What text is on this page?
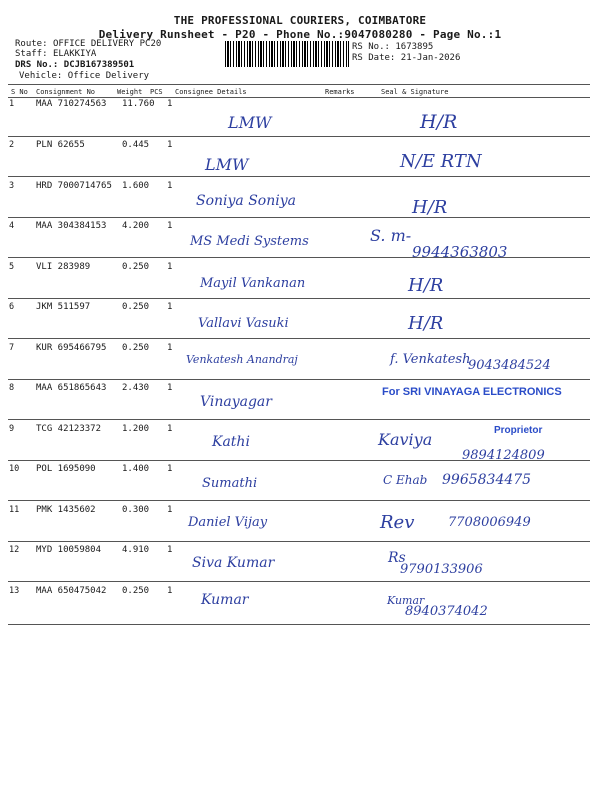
THE PROFESSIONAL COURIERS, COIMBATORE
Delivery Runsheet - P20 - Phone No.:9047080280 - Page No.:1
Route: OFFICE DELIVERY PC20
Staff: ELAKKIYA
DRS No.: DCJB167389501
Vehicle: Office Delivery
RS No.: 1673895
RS Date: 21-Jan-2026
S No Consignment No	Weight PCS Consignee Details	Remarks	Seal & Signature
1 MAA 710274563 11.760 1
LMW	H/R
2 PLN 62655	0.445 1
LMW	N/E RTN
3 HRD 7000714765 1.600 1
Soniya Soniya	H/R
4 MAA 304384153 4.200 1
MS Medi Systems	S. m-
9944363803
5 VLI 283989	0.250 1
Mayil Vankanan	H/R
6 JKM 511597	0.250 1
Vallavi Vasuki	H/R
7 KUR 695466795 0.250 1
Venkatesh Anandraj	f. Venkatesh
9043484524
8 MAA 651865643 2.430 1
Vinayagar
For SRI VINAYAGA ELECTRONICS
9 TCG 42123372 1.200 1
Kathi	Kaviya
9894124809
Proprietor
10 POL 1695090	1.400 1
Sumathi	C Ehab 9965834475
11 PMK 1435602	0.300 1
Daniel Vijay	Rev	7708006949
12 MYD 10059804 4.910 1
Siva Kumar	Rs
9790133906
13 MAA 650475042 0.250 1
Kumar	Kumar
8940374042
